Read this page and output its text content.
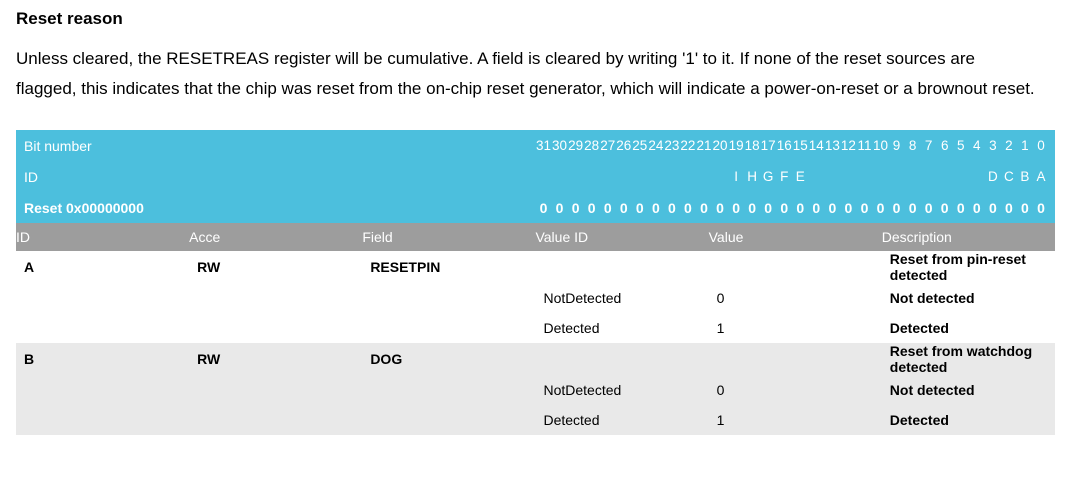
Reset reason

Unless cleared, the RESETREAS register will be cumulative. A field is cleared by writing '1' to it. If none of the reset sources are flagged, this indicates that the chip was reset from the on-chip reset generator, which will indicate a power-on-reset or a brownout reset.

Bit number	31 30 29 28 27 26 25 24 23 22 21 20 19 18 17 16 15 14 13 12 11 10 9 8 7 6 5 4 3 2 1 0

ID	I H G F E	D C B A

Reset 0x00000000	0 0 0 0 0 0 0 0 0 0 0 0 0 0 0 0 0 0 0 0 0 0 0 0 0 0 0 0 0 0 0 0

ID	Acce	Field	Value ID	Value	Description
A	RW	RESETPIN			Reset from pin-reset detected
			NotDetected	0	Not detected
			Detected	1	Detected
B	RW	DOG			Reset from watchdog detected
			NotDetected	0	Not detected
			Detected	1	Detected
